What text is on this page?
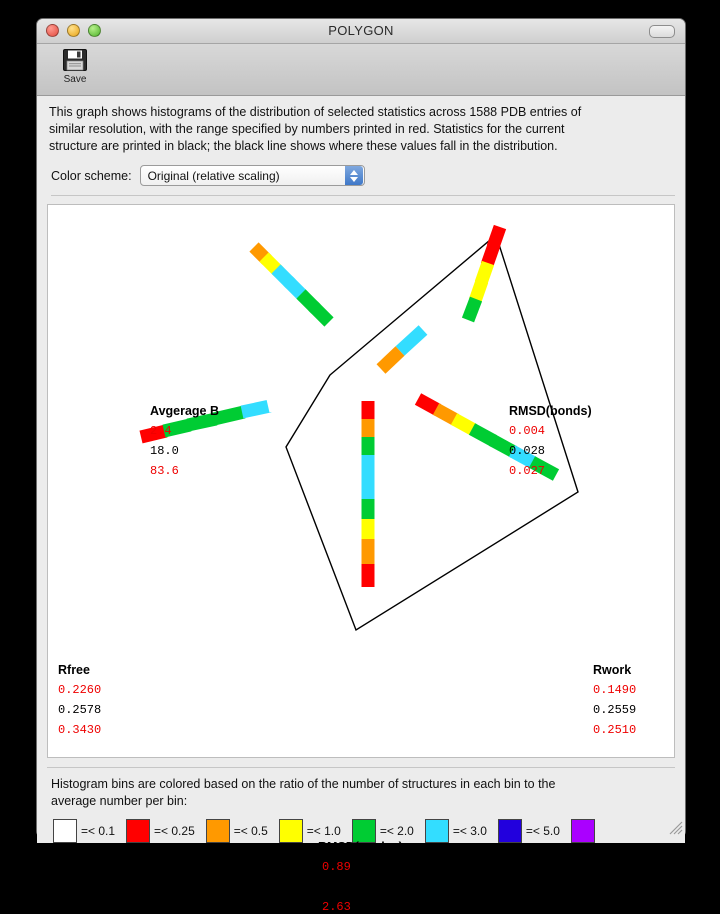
POLYGON
Save

This graph shows histograms of the distribution of selected statistics across 1588 PDB entries of

similar resolution, with the range specified by numbers printed in red. Statistics for the current

structure are printed in black; the black line shows where these values fall in the distribution.

Color scheme: Original (relative scaling)
Avgerage B
2.4
18.0
83.6
RMSD(bonds)
0.004
0.028
0.027
Rwork
0.1490
0.2559
0.2510
RMSD(angles)
0.89
4.52
2.63
Rfree
0.2260
0.2578
0.3430

Histogram bins are colored based on the ratio of the number of structures in each bin to the
average number per bin:

=< 0.1	=< 0.25	=< 0.5	=< 1.0	=< 2.0	=< 3.0	=< 5.0
